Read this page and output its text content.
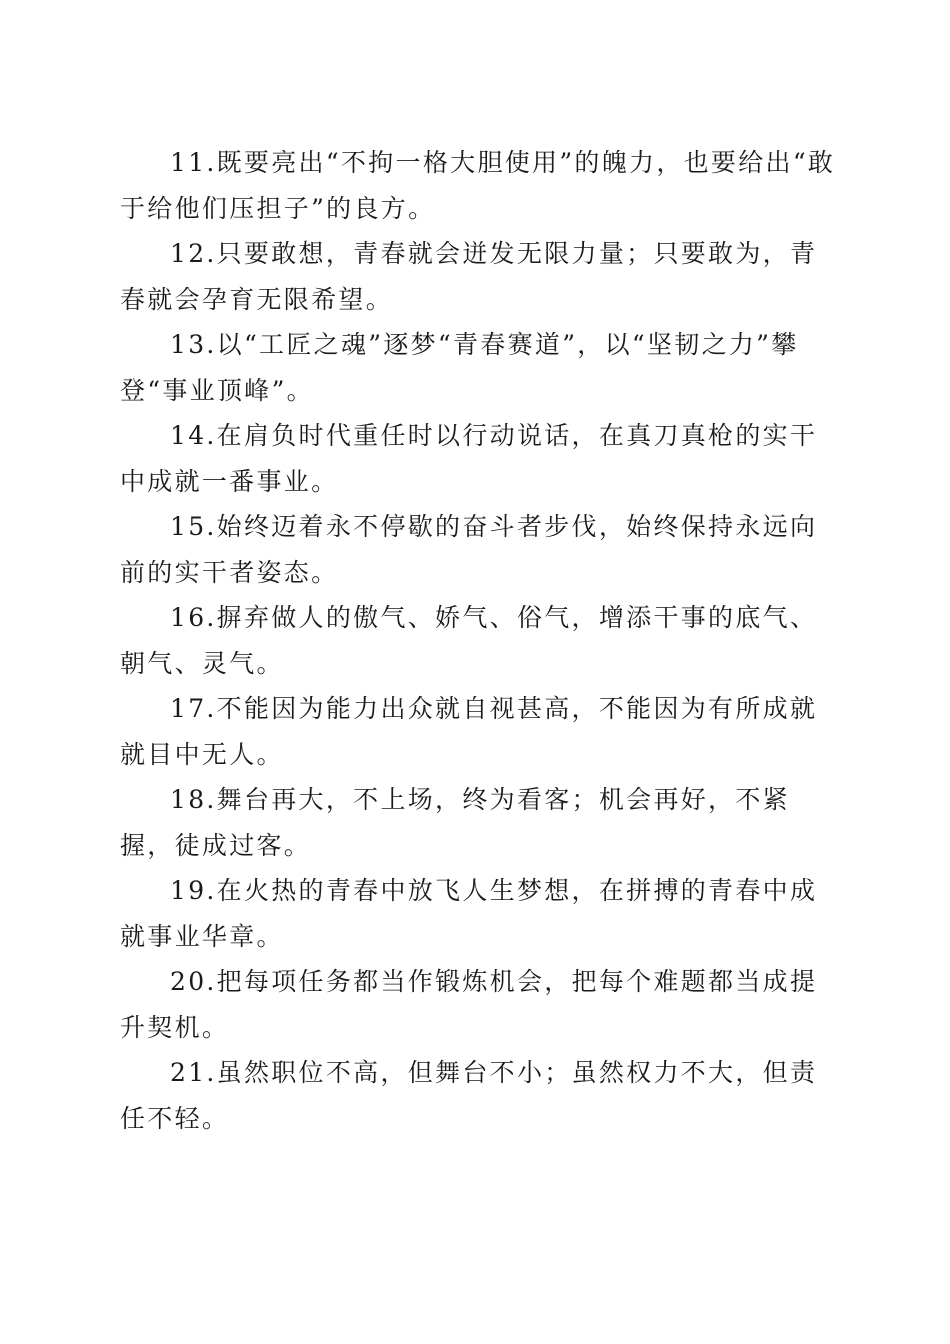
11.既要亮出“不拘一格大胆使用”的魄力，也要给出“敢于给他们压担子”的良方。

12.只要敢想，青春就会迸发无限力量；只要敢为，青春就会孕育无限希望。

13.以“工匠之魂”逐梦“青春赛道”，以“坚韧之力”攀登“事业顶峰”。

14.在肩负时代重任时以行动说话，在真刀真枪的实干中成就一番事业。

15.始终迈着永不停歇的奋斗者步伐，始终保持永远向前的实干者姿态。

16.摒弃做人的傲气、娇气、俗气，增添干事的底气、朝气、灵气。

17.不能因为能力出众就自视甚高，不能因为有所成就就目中无人。

18.舞台再大，不上场，终为看客；机会再好，不紧握，徒成过客。

19.在火热的青春中放飞人生梦想，在拼搏的青春中成就事业华章。

20.把每项任务都当作锻炼机会，把每个难题都当成提升契机。

21.虽然职位不高，但舞台不小；虽然权力不大，但责任不轻。
